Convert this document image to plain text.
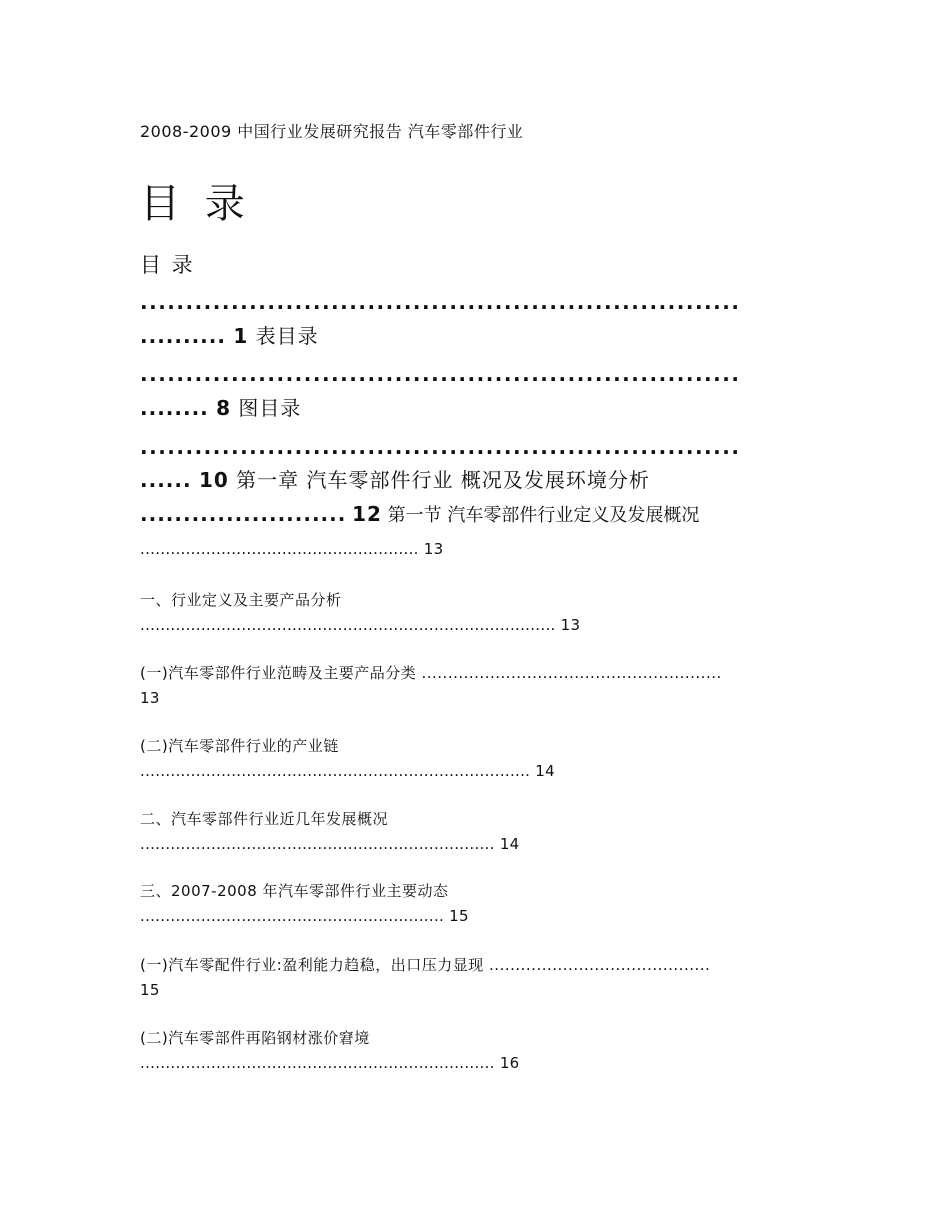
2008-2009 中国行业发展研究报告 汽车零部件行业
目 录
目 录
..................................................................
.......... 1 表目录
..................................................................
........ 8 图目录
..................................................................
...... 10 第一章 汽车零部件行业 概况及发展环境分析
........................ 12 第一节 汽车零部件行业定义及发展概况
....................................................... 13
一、行业定义及主要产品分析
.................................................................................. 13
(一)汽车零部件行业范畴及主要产品分类 .........................................................
13
(二)汽车零部件行业的产业链
............................................................................. 14
二、汽车零部件行业近几年发展概况
...................................................................... 14
三、2007-2008 年汽车零部件行业主要动态
............................................................ 15
(一)汽车零配件行业:盈利能力趋稳，出口压力显现 ..........................................
15
(二)汽车零部件再陷钢材涨价窘境
...................................................................... 16
